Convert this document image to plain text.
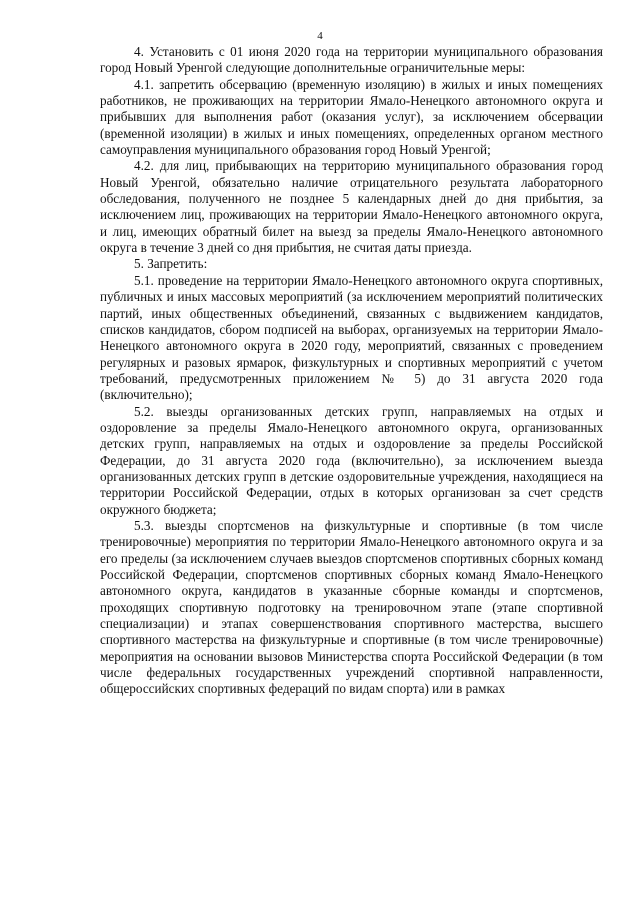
4

4. Установить с 01 июня 2020 года на территории муниципального образования город Новый Уренгой следующие дополнительные ограничительные меры:

4.1. запретить обсервацию (временную изоляцию) в жилых и иных помещениях работников, не проживающих на территории Ямало-Ненецкого автономного округа и прибывших для выполнения работ (оказания услуг), за исключением обсервации (временной изоляции) в жилых и иных помещениях, определенных органом местного самоуправления муниципального образования город Новый Уренгой;

4.2. для лиц, прибывающих на территорию муниципального образования город Новый Уренгой, обязательно наличие отрицательного результата лабораторного обследования, полученного не позднее 5 календарных дней до дня прибытия, за исключением лиц, проживающих на территории Ямало-Ненецкого автономного округа, и лиц, имеющих обратный билет на выезд за пределы Ямало-Ненецкого автономного округа в течение 3 дней со дня прибытия, не считая даты приезда.

5. Запретить:

5.1. проведение на территории Ямало-Ненецкого автономного округа спортивных, публичных и иных массовых мероприятий (за исключением мероприятий политических партий, иных общественных объединений, связанных с выдвижением кандидатов, списков кандидатов, сбором подписей на выборах, организуемых на территории Ямало-Ненецкого автономного округа в 2020 году, мероприятий, связанных с проведением регулярных и разовых ярмарок, физкультурных и спортивных мероприятий с учетом требований, предусмотренных приложением № 5) до 31 августа 2020 года (включительно);

5.2. выезды организованных детских групп, направляемых на отдых и оздоровление за пределы Ямало-Ненецкого автономного округа, организованных детских групп, направляемых на отдых и оздоровление за пределы Российской Федерации, до 31 августа 2020 года (включительно), за исключением выезда организованных детских групп в детские оздоровительные учреждения, находящиеся на территории Российской Федерации, отдых в которых организован за счет средств окружного бюджета;

5.3. выезды спортсменов на физкультурные и спортивные (в том числе тренировочные) мероприятия по территории Ямало-Ненецкого автономного округа и за его пределы (за исключением случаев выездов спортсменов спортивных сборных команд Российской Федерации, спортсменов спортивных сборных команд Ямало-Ненецкого автономного округа, кандидатов в указанные сборные команды и спортсменов, проходящих спортивную подготовку на тренировочном этапе (этапе спортивной специализации) и этапах совершенствования спортивного мастерства, высшего спортивного мастерства на физкультурные и спортивные (в том числе тренировочные) мероприятия на основании вызовов Министерства спорта Российской Федерации (в том числе федеральных государственных учреждений спортивной направленности, общероссийских спортивных федераций по видам спорта) или в рамках
